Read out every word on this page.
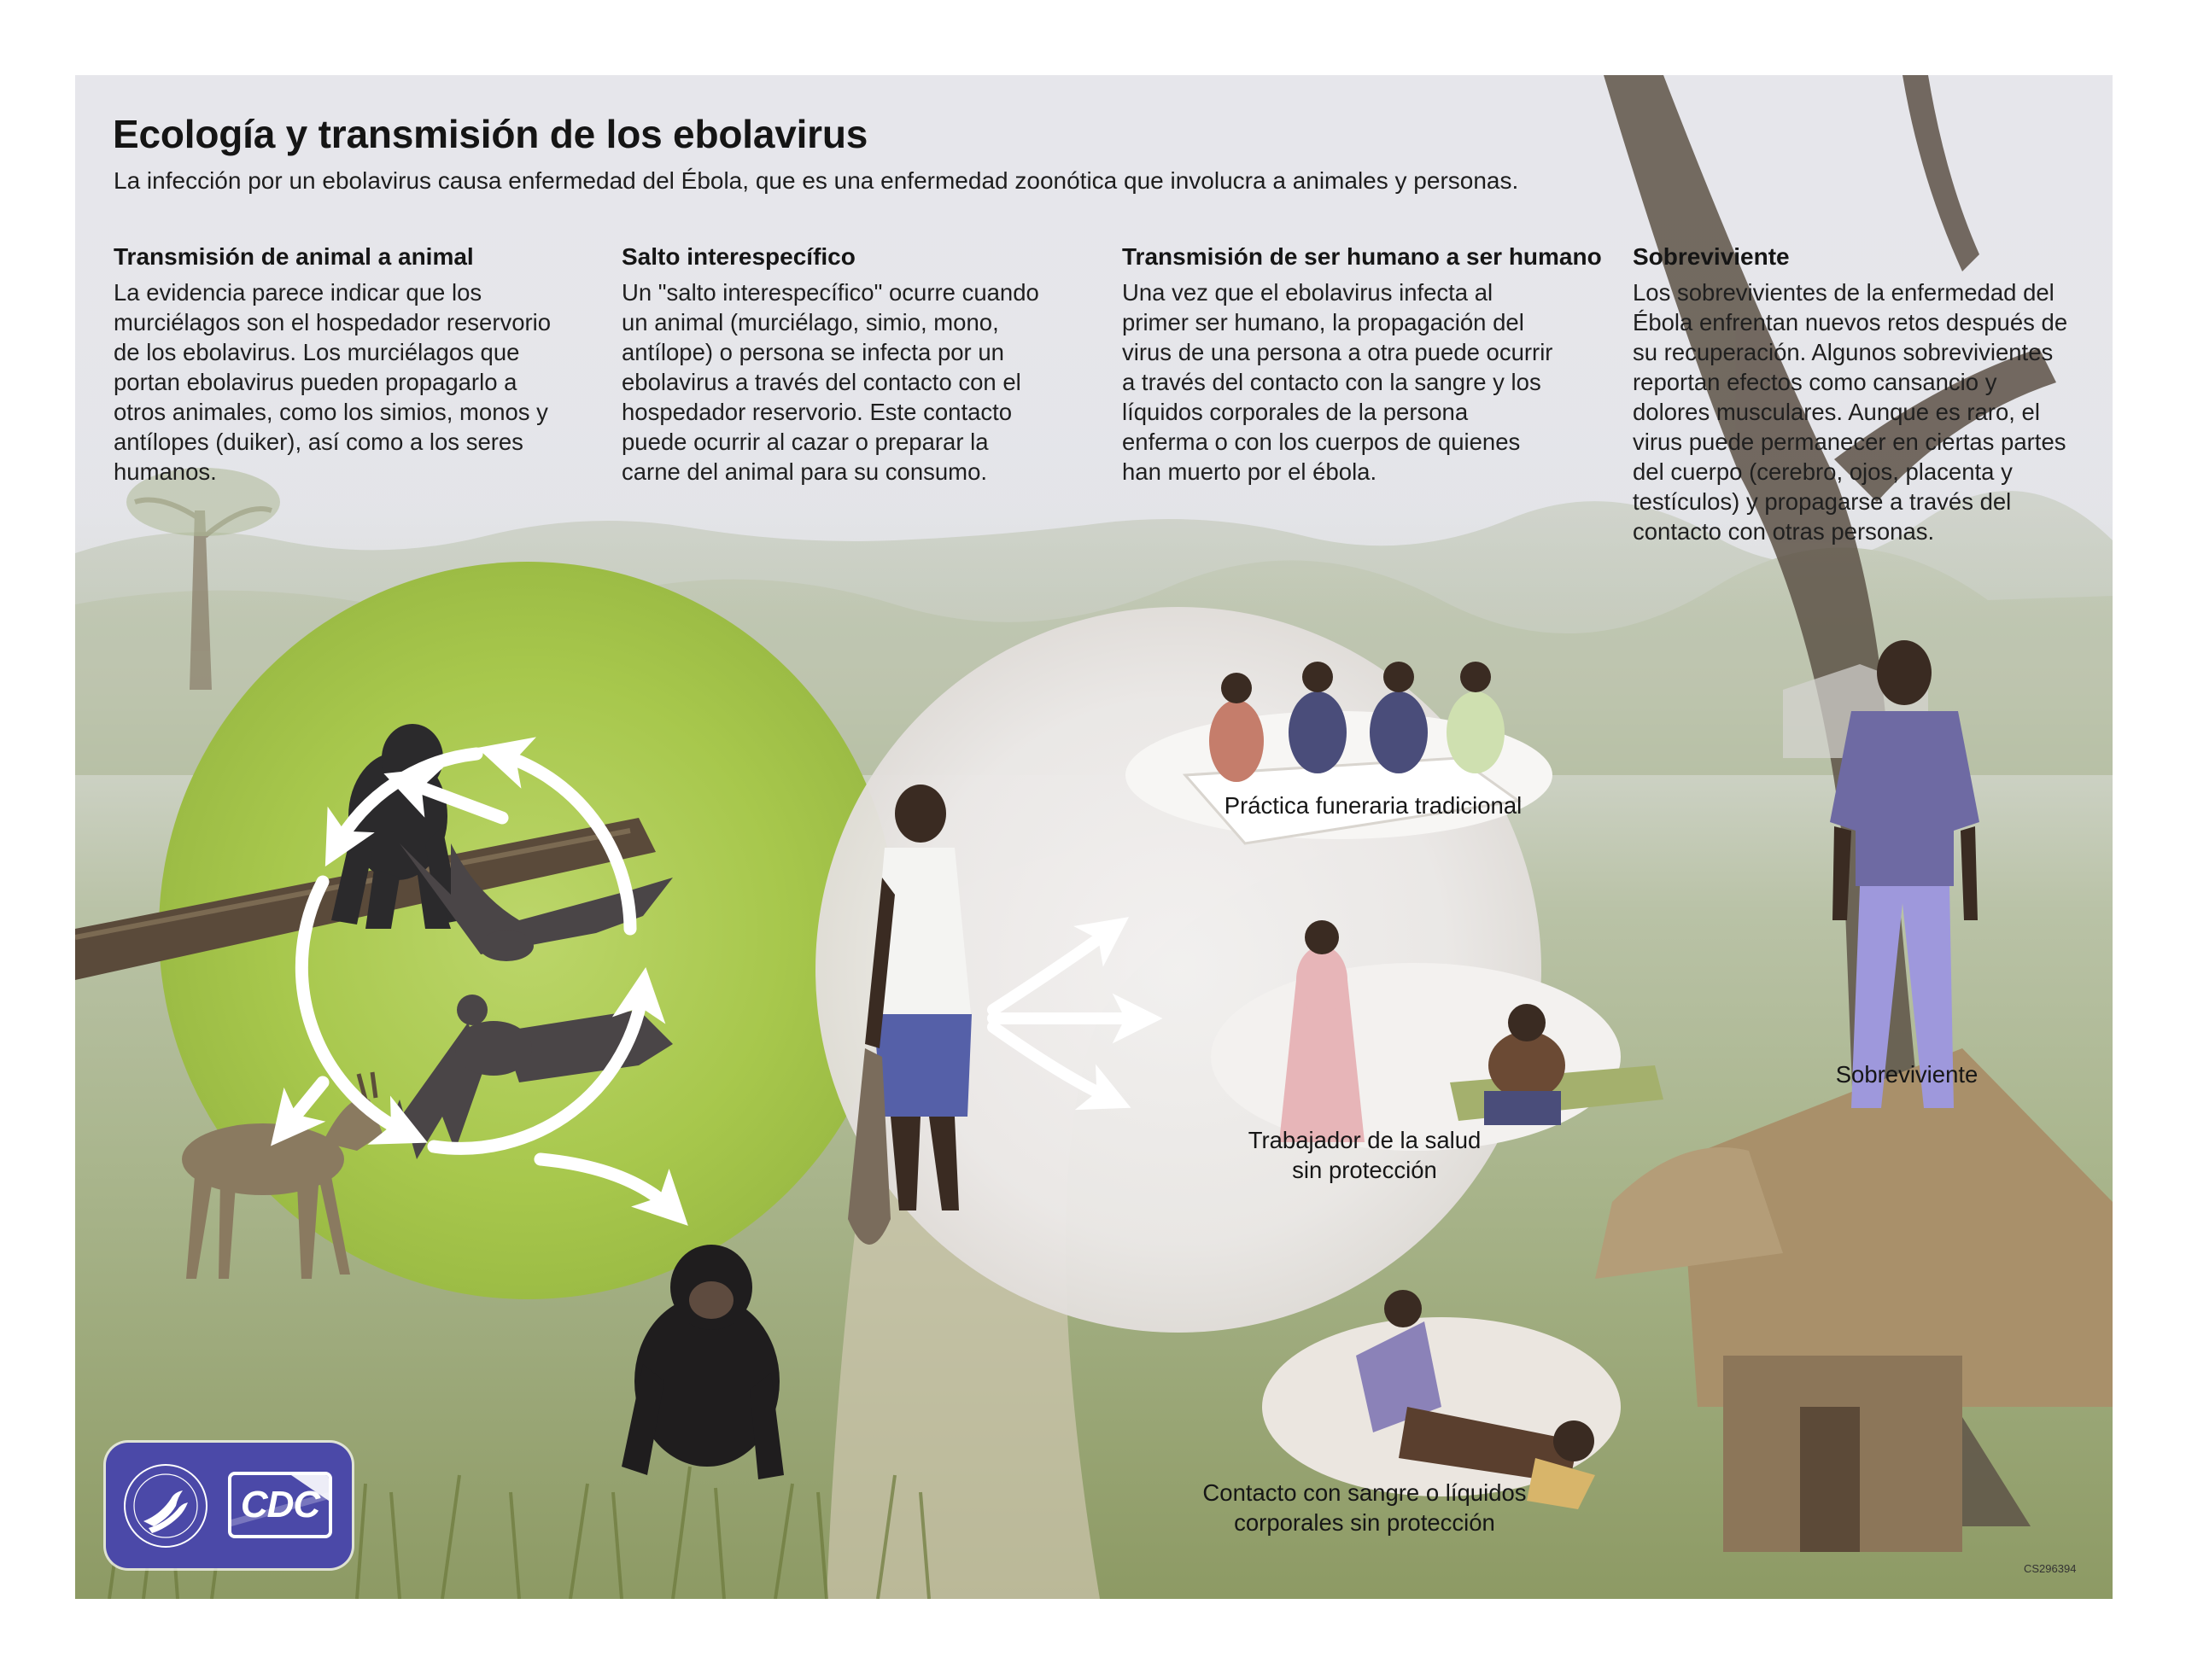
Ecología y transmisión de los ebolavirus
La infección por un ebolavirus causa enfermedad del Ébola, que es una enfermedad zoonótica que involucra a animales y personas.
Transmisión de animal a animal
La evidencia parece indicar que los
murciélagos son el hospedador reservorio
de los ebolavirus. Los murciélagos que
portan ebolavirus pueden propagarlo a
otros animales, como los simios, monos y
antílopes (duiker), así como a los seres
humanos.
Salto interespecífico
Un "salto interespecífico" ocurre cuando
un animal (murciélago, simio, mono,
antílope) o persona se infecta por un
ebolavirus a través del contacto con el
hospedador reservorio. Este contacto
puede ocurrir al cazar o preparar la
carne del animal para su consumo.
Transmisión de ser humano a ser humano
Una vez que el ebolavirus infecta al
primer ser humano, la propagación del
virus de una persona a otra puede ocurrir
a través del contacto con la sangre y los
líquidos corporales de la persona
enferma o con los cuerpos de quienes
han muerto por el ébola.
Sobreviviente
Los sobrevivientes de la enfermedad del
Ébola enfrentan nuevos retos después de
su recuperación. Algunos sobrevivientes
reportan efectos como cansancio y
dolores musculares. Aunque es raro, el
virus puede permanecer en ciertas partes
del cuerpo (cerebro, ojos, placenta y
testículos) y propagarse a través del
contacto con otras personas.
Práctica funeraria tradicional
Trabajador de la salud
sin protección
Contacto con sangre o líquidos
corporales sin protección
Sobreviviente
CS296394
CDC
